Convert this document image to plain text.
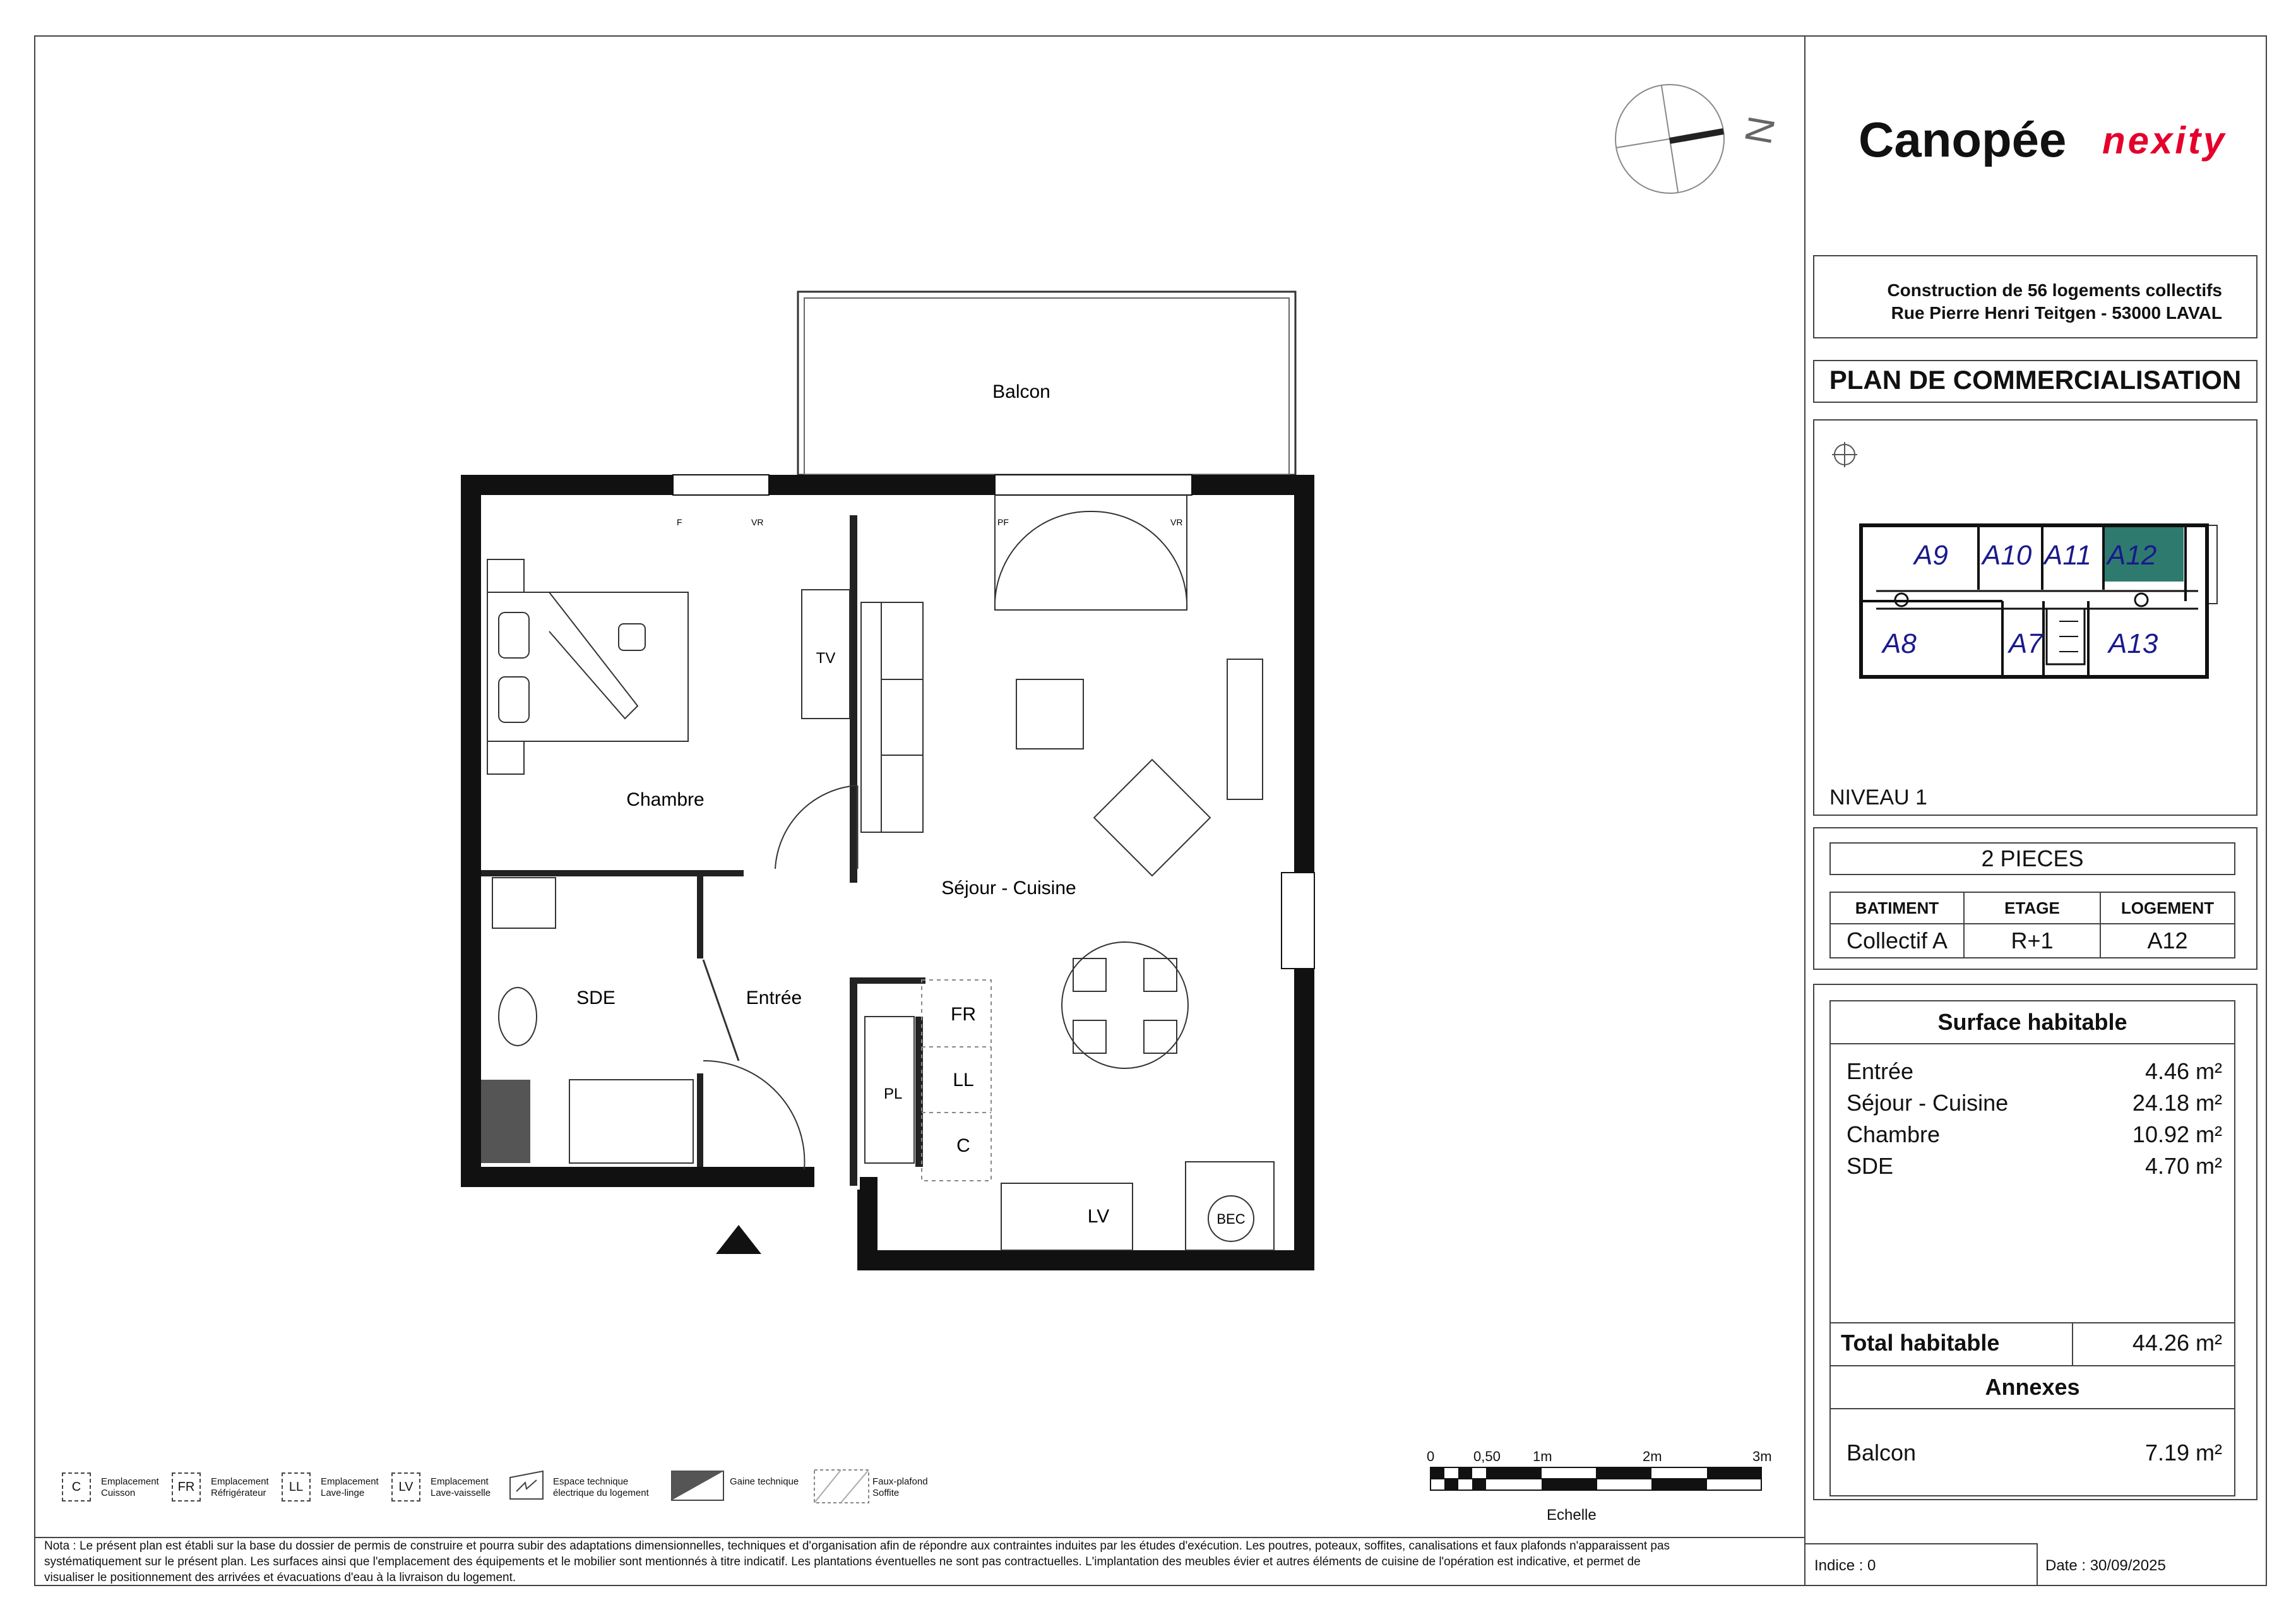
Canopée nexity
Construction de 56 logements collectifs
Rue Pierre Henri Teitgen - 53000 LAVAL
PLAN DE COMMERCIALISATION
A9 A10 A11 A12
A8	A7 A13
NIVEAU 1
2 PIECES
BATIMENT	ETAGE	LOGEMENT
Collectif A	R+1	A12
Surface habitable
Entrée	4.46 m²
Séjour - Cuisine	24.18 m²
Chambre	10.92 m²
SDE	4.70 m²
Total habitable	44.26 m²
Annexes
Balcon	7.19 m²
Indice : 0	Date : 30/09/2025
Nota : Le présent plan est établi sur la base du dossier de permis de construire et pourra subir des adaptations dimensionnelles, techniques et d'organisation afin de répondre aux contraintes induites par les études d'exécution. Les poutres, poteaux, soffites, canalisations et faux plafonds n'apparaissent pas
systématiquement sur le présent plan. Les surfaces ainsi que l'emplacement des équipements et le mobilier sont mentionnés à titre indicatif. Les plantations éventuelles ne sont pas contractuelles. L'implantation des meubles évier et autres éléments de cuisine de l'opération est indicative, et permet de
visualiser le positionnement des arrivées et évacuations d'eau à la livraison du logement.
N
Balcon
Chambre
Séjour - Cuisine
SDE	Entrée
TV
FR
LL
C
PL
LV	BEC
F	VR	PF	VR
C	Emplacement
Cuisson	FR	Emplacement
Réfrigérateur	LL	Emplacement
Lave-linge	LV	Emplacement
Lave-vaisselle
Espace technique
électrique du logement
Gaine technique	Faux-plafond
Soffite
0	0,50 1m	2m	3m
Echelle
